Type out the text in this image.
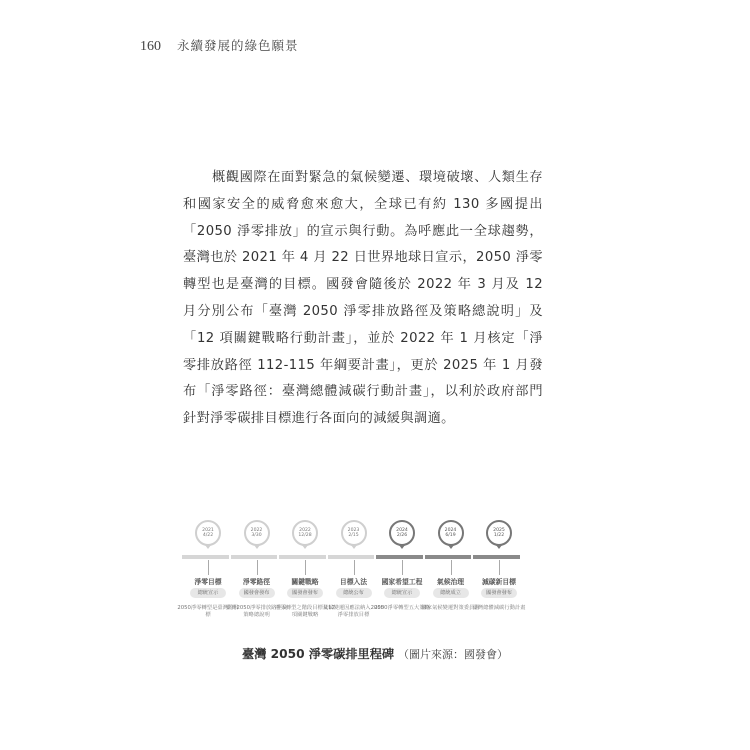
160 永續發展的綠色願景

概觀國際在面對緊急的氣候變遷、環境破壞、人類生存和國家安全的威脅愈來愈大，全球已有約 130 多國提出「2050 淨零排放」的宣示與行動。為呼應此一全球趨勢，臺灣也於 2021 年 4 月 22 日世界地球日宣示，2050 淨零轉型也是臺灣的目標。國發會隨後於 2022 年 3 月及 12 月分別公布「臺灣 2050 淨零排放路徑及策略總說明」及「12 項關鍵戰略行動計畫」，並於 2022 年 1 月核定「淨零排放路徑 112-115 年綱要計畫」，更於 2025 年 1 月發布「淨零路徑：臺灣總體減碳行動計畫」，以利於政府部門針對淨零碳排目標進行各面向的減緩與調適。

2021
4/22
淨零目標
總統宣示
2050淨零轉型是臺灣的目標
2022
3/30
淨零路徑
國發會發布
臺灣2050淨零排放路徑及策略總說明
2022
12/28
關鍵戰略
國發會發布
淨零轉型之階段目標及12項關鍵戰略
2023
2/15
目標入法
總統公布
氣候變遷因應法納入2050淨零排放目標
2024
2/26
國家希望工程
總統宣示
2050淨零轉型五大策略
2024
6/19
氣候治理
總統成立
國家氣候變遷對策委員會
2025
1/22
減碳新目標
國發會發布
臺灣總體減碳行動計畫
臺灣 2050 淨零碳排里程碑 （圖片來源：國發會）
